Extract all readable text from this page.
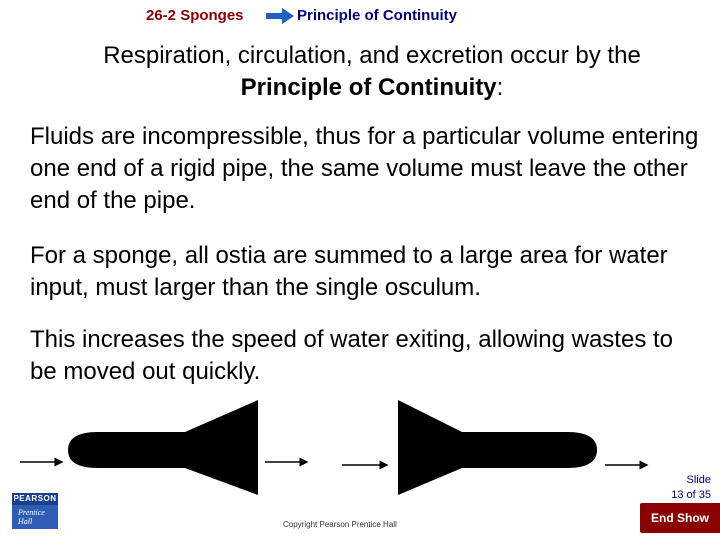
26-2 Sponges	Principle of Continuity
Respiration, circulation, and excretion occur by the
Principle of Continuity:
Fluids are incompressible, thus for a particular volume entering one end of a rigid pipe, the same volume must leave the other end of the pipe.
For a sponge, all ostia are summed to a large area for water input, must larger than the single osculum.
This increases the speed of water exiting, allowing wastes to be moved out quickly.
Slide
13 of 35
PEARSON
Prentice
Hall	Copyright Pearson Prentice Hall	End Show
